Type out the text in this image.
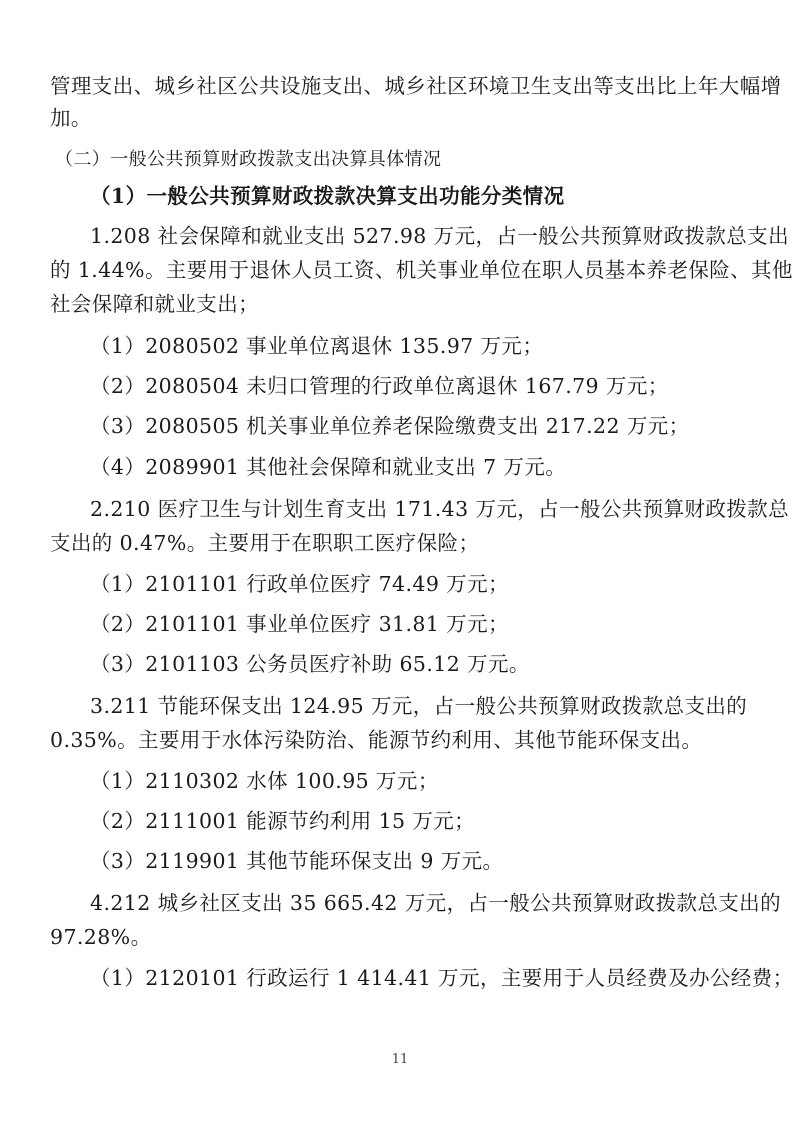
管理支出、城乡社区公共设施支出、城乡社区环境卫生支出等支出比上年大幅增
加。
（二）一般公共预算财政拨款支出决算具体情况
（1）一般公共预算财政拨款决算支出功能分类情况
1.208 社会保障和就业支出 527.98 万元，占一般公共预算财政拨款总支出
的 1.44%。主要用于退休人员工资、机关事业单位在职人员基本养老保险、其他
社会保障和就业支出；
（1）2080502 事业单位离退休 135.97 万元；
（2）2080504 未归口管理的行政单位离退休 167.79 万元；
（3）2080505 机关事业单位养老保险缴费支出 217.22 万元；
（4）2089901 其他社会保障和就业支出 7 万元。
2.210 医疗卫生与计划生育支出 171.43 万元，占一般公共预算财政拨款总
支出的 0.47%。主要用于在职职工医疗保险；
（1）2101101 行政单位医疗 74.49 万元；
（2）2101101 事业单位医疗 31.81 万元；
（3）2101103 公务员医疗补助 65.12 万元。
3.211 节能环保支出 124.95 万元，占一般公共预算财政拨款总支出的
0.35%。主要用于水体污染防治、能源节约利用、其他节能环保支出。
（1）2110302 水体 100.95 万元；
（2）2111001 能源节约利用 15 万元；
（3）2119901 其他节能环保支出 9 万元。
4.212 城乡社区支出 35 665.42 万元，占一般公共预算财政拨款总支出的
97.28%。
（1）2120101 行政运行 1 414.41 万元，主要用于人员经费及办公经费；
11
